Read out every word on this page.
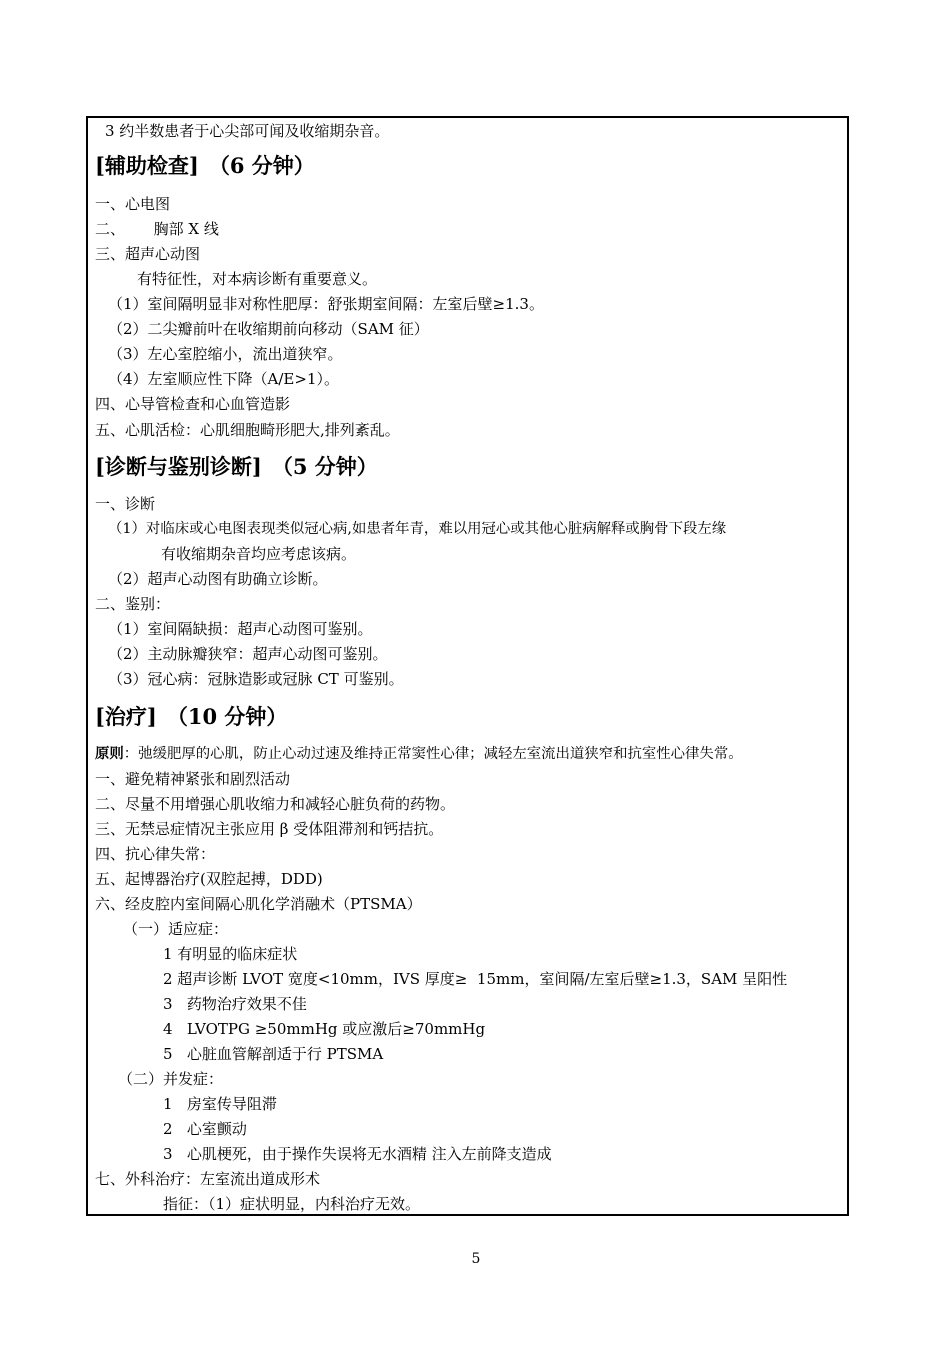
3 约半数患者于心尖部可闻及收缩期杂音。
[辅助检查] （6 分钟）
一、心电图
二、      胸部 X 线
三、超声心动图
有特征性，对本病诊断有重要意义。
（1）室间隔明显非对称性肥厚：舒张期室间隔：左室后壁≥1.3。
（2）二尖瓣前叶在收缩期前向移动（SAM 征）
（3）左心室腔缩小，流出道狭窄。
（4）左室顺应性下降（A/E>1）。
四、心导管检查和心血管造影
五、心肌活检：心肌细胞畸形肥大,排列紊乱。
[诊断与鉴别诊断] （5 分钟）
一、诊断
（1）对临床或心电图表现类似冠心病,如患者年青，难以用冠心或其他心脏病解释或胸骨下段左缘
有收缩期杂音均应考虑该病。
（2）超声心动图有助确立诊断。
二、鉴别：
（1）室间隔缺损：超声心动图可鉴别。
（2）主动脉瓣狭窄：超声心动图可鉴别。
（3）冠心病：冠脉造影或冠脉 CT 可鉴别。
[治疗] （10 分钟）
原则：弛缓肥厚的心肌，防止心动过速及维持正常窦性心律；减轻左室流出道狭窄和抗室性心律失常。
一、避免精神紧张和剧烈活动
二、尽量不用增强心肌收缩力和减轻心脏负荷的药物。
三、无禁忌症情况主张应用 β 受体阻滞剂和钙拮抗。
四、抗心律失常：
五、起博器治疗(双腔起搏，DDD)
六、经皮腔内室间隔心肌化学消融术（PTSMA）
（一）适应症：
1 有明显的临床症状
2 超声诊断 LVOT 宽度<10mm，IVS 厚度≥  15mm，室间隔/左室后壁≥1.3，SAM 呈阳性
3   药物治疗效果不佳
4   LVOTPG ≥50mmHg 或应激后≥70mmHg
5   心脏血管解剖适于行 PTSMA
（二）并发症：
1   房室传导阻滞
2   心室颤动
3   心肌梗死，由于操作失误将无水酒精 注入左前降支造成
七、外科治疗：左室流出道成形术
指征：（1）症状明显，内科治疗无效。
5
